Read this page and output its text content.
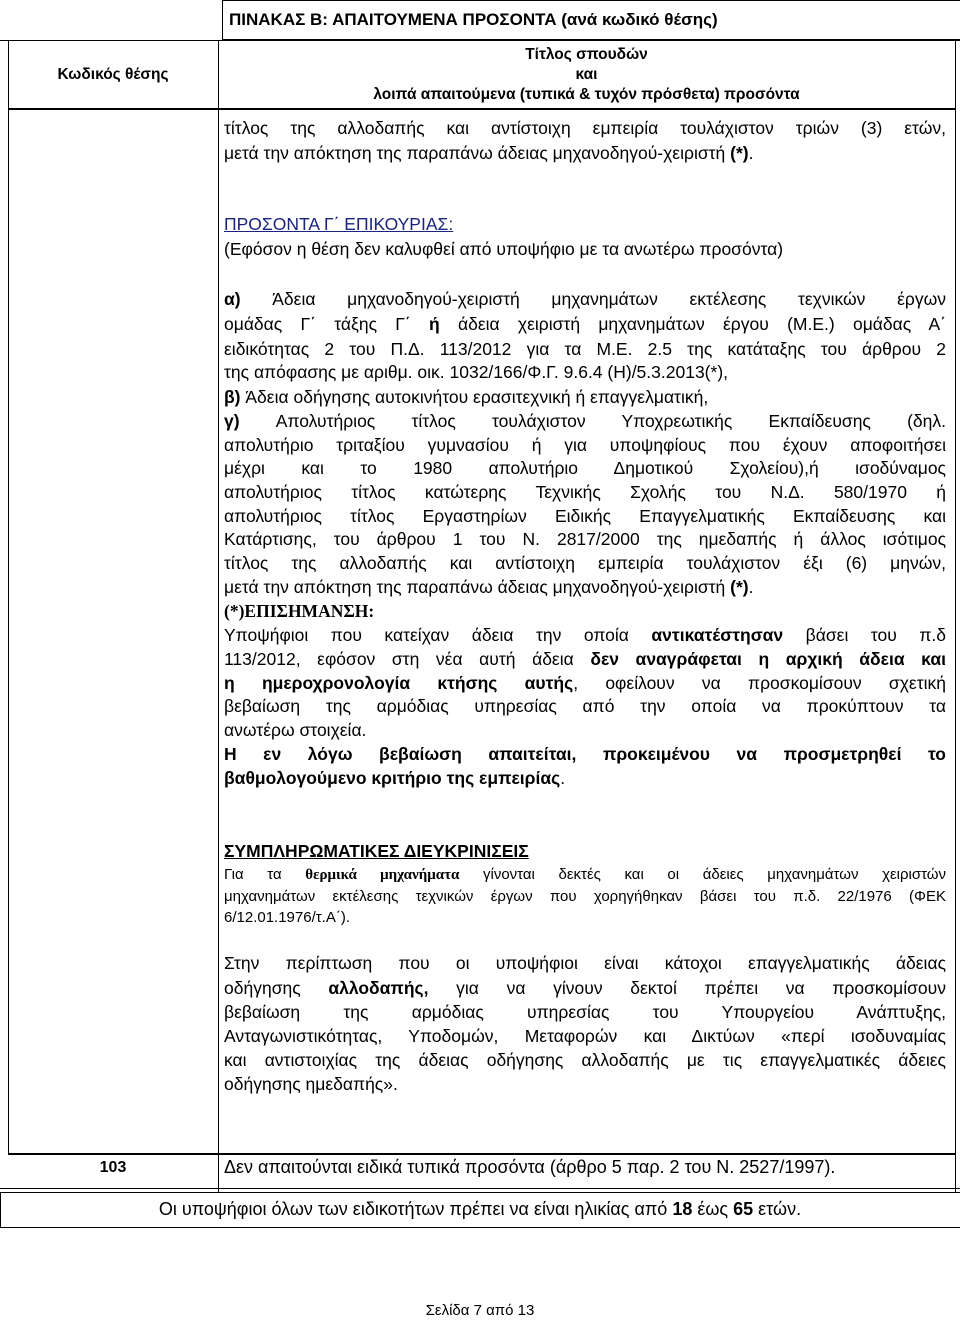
ΠΙΝΑΚΑΣ Β: ΑΠΑΙΤΟΥΜΕΝΑ ΠΡΟΣΟΝΤΑ (ανά κωδικό θέσης)
Κωδικός θέσης
Τίτλος σπουδών
και
λοιπά απαιτούμενα (τυπικά & τυχόν πρόσθετα) προσόντα
τίτλος της αλλοδαπής και αντίστοιχη εμπειρία τουλάχιστον τριών (3) ετών,
μετά την απόκτηση της παραπάνω άδειας μηχανοδηγού-χειριστή (*).
ΠΡΟΣΟΝΤΑ Γ΄ ΕΠΙΚΟΥΡΙΑΣ:
(Εφόσον η θέση δεν καλυφθεί από υποψήφιο με τα ανωτέρω προσόντα)
α) Άδεια μηχανοδηγού-χειριστή μηχανημάτων εκτέλεσης τεχνικών έργων
ομάδας Γ΄ τάξης Γ΄ ή άδεια χειριστή μηχανημάτων έργου (Μ.Ε.) ομάδας Α΄
ειδικότητας 2 του Π.Δ. 113/2012 για τα Μ.Ε. 2.5 της κατάταξης του άρθρου 2
της απόφασης με αριθμ. οικ. 1032/166/Φ.Γ. 9.6.4 (Η)/5.3.2013(*),
β) Άδεια οδήγησης αυτοκινήτου ερασιτεχνική ή επαγγελματική,
γ) Απολυτήριος τίτλος τουλάχιστον Υποχρεωτικής Εκπαίδευσης (δηλ.
απολυτήριο τριταξίου γυμνασίου ή για υποψηφίους που έχουν αποφοιτήσει
μέχρι και το 1980 απολυτήριο Δημοτικού Σχολείου),ή ισοδύναμος
απολυτήριος τίτλος κατώτερης Τεχνικής Σχολής του Ν.Δ. 580/1970 ή
απολυτήριος τίτλος Εργαστηρίων Ειδικής Επαγγελματικής Εκπαίδευσης και
Κατάρτισης, του άρθρου 1 του Ν. 2817/2000 της ημεδαπής ή άλλος ισότιμος
τίτλος της αλλοδαπής και αντίστοιχη εμπειρία τουλάχιστον έξι (6) μηνών,
μετά την απόκτηση της παραπάνω άδειας μηχανοδηγού-χειριστή (*).
(*)ΕΠΙΣΗΜΑΝΣΗ:
Υποψήφιοι που κατείχαν άδεια την οποία αντικατέστησαν βάσει του π.δ
113/2012, εφόσον στη νέα αυτή άδεια δεν αναγράφεται η αρχική άδεια και
η ημεροχρονολογία κτήσης αυτής, οφείλουν να προσκομίσουν σχετική
βεβαίωση της αρμόδιας υπηρεσίας από την οποία να προκύπτουν τα
ανωτέρω στοιχεία.
Η εν λόγω βεβαίωση απαιτείται, προκειμένου να προσμετρηθεί το
βαθμολογούμενο κριτήριο της εμπειρίας.
ΣΥΜΠΛΗΡΩΜΑΤΙΚΕΣ ΔΙΕΥΚΡΙΝΙΣΕΙΣ
Για τα θερμικά μηχανήματα γίνονται δεκτές και οι άδειες μηχανημάτων χειριστών
μηχανημάτων εκτέλεσης τεχνικών έργων που χορηγήθηκαν βάσει του π.δ. 22/1976 (ΦΕΚ
6/12.01.1976/τ.Α΄).
Στην περίπτωση που οι υποψήφιοι είναι κάτοχοι επαγγελματικής άδειας
οδήγησης αλλοδαπής, για να γίνουν δεκτοί πρέπει να προσκομίσουν
βεβαίωση της αρμόδιας υπηρεσίας του Υπουργείου Ανάπτυξης,
Ανταγωνιστικότητας, Υποδομών, Μεταφορών και Δικτύων «περί ισοδυναμίας
και αντιστοιχίας της άδειας οδήγησης αλλοδαπής με τις επαγγελματικές άδειες
οδήγησης ημεδαπής».
103	Δεν απαιτούνται ειδικά τυπικά προσόντα (άρθρο 5 παρ. 2 του Ν. 2527/1997).
Οι υποψήφιοι όλων των ειδικοτήτων πρέπει να είναι ηλικίας από 18 έως 65 ετών.
Σελίδα 7 από 13
